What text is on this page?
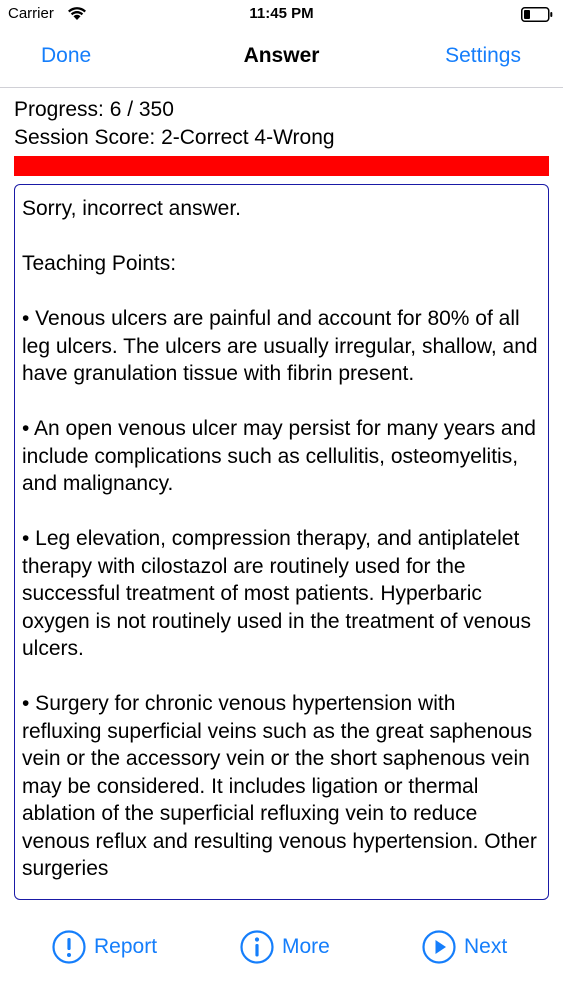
Carrier	11:45 PM
Done	Answer	Settings
Progress: 6 / 350
Session Score: 2-Correct 4-Wrong

Sorry, incorrect answer.

Teaching Points:

• Venous ulcers are painful and account for 80% of all leg ulcers. The ulcers are usually irregular, shallow, and have granulation tissue with fibrin present.

• An open venous ulcer may persist for many years and include complications such as cellulitis, osteomyelitis, and malignancy.

• Leg elevation, compression therapy, and antiplatelet therapy with cilostazol are routinely used for the successful treatment of most patients. Hyperbaric oxygen is not routinely used in the treatment of venous ulcers.

• Surgery for chronic venous hypertension with refluxing superficial veins such as the great saphenous vein or the accessory vein or the short saphenous vein may be considered. It includes ligation or thermal ablation of the superficial refluxing vein to reduce venous reflux and resulting venous hypertension. Other surgeries

Report	More	Next
